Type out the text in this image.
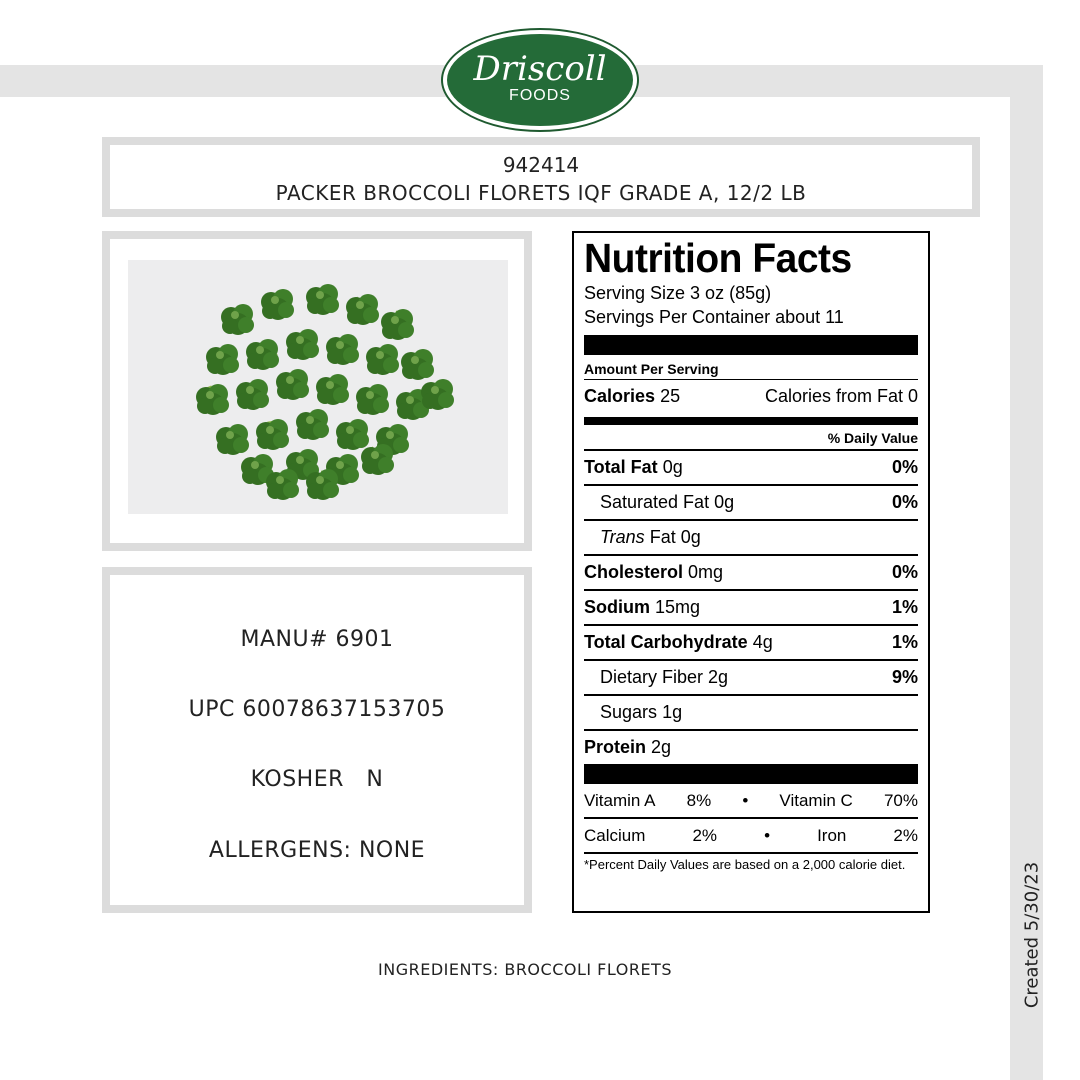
Driscoll
FOODS
942414
PACKER BROCCOLI FLORETS IQF GRADE A, 12/2 LB
MANU# 6901
UPC 60078637153705
KOSHER   N
ALLERGENS: NONE
Nutrition Facts
Serving Size 3 oz (85g)
Servings Per Container about 11
Amount Per Serving
Calories 25	Calories from Fat 0
% Daily Value
Total Fat 0g	0%
Saturated Fat 0g	0%
Trans Fat 0g
Cholesterol 0mg	0%
Sodium 15mg	1%
Total Carbohydrate 4g	1%
Dietary Fiber 2g	9%
Sugars 1g
Protein 2g
Vitamin A 8% • Vitamin C 70%
Calcium	2%	•	Iron	2%
*Percent Daily Values are based on a 2,000 calorie diet.
INGREDIENTS: BROCCOLI FLORETS	Created 5/30/23
